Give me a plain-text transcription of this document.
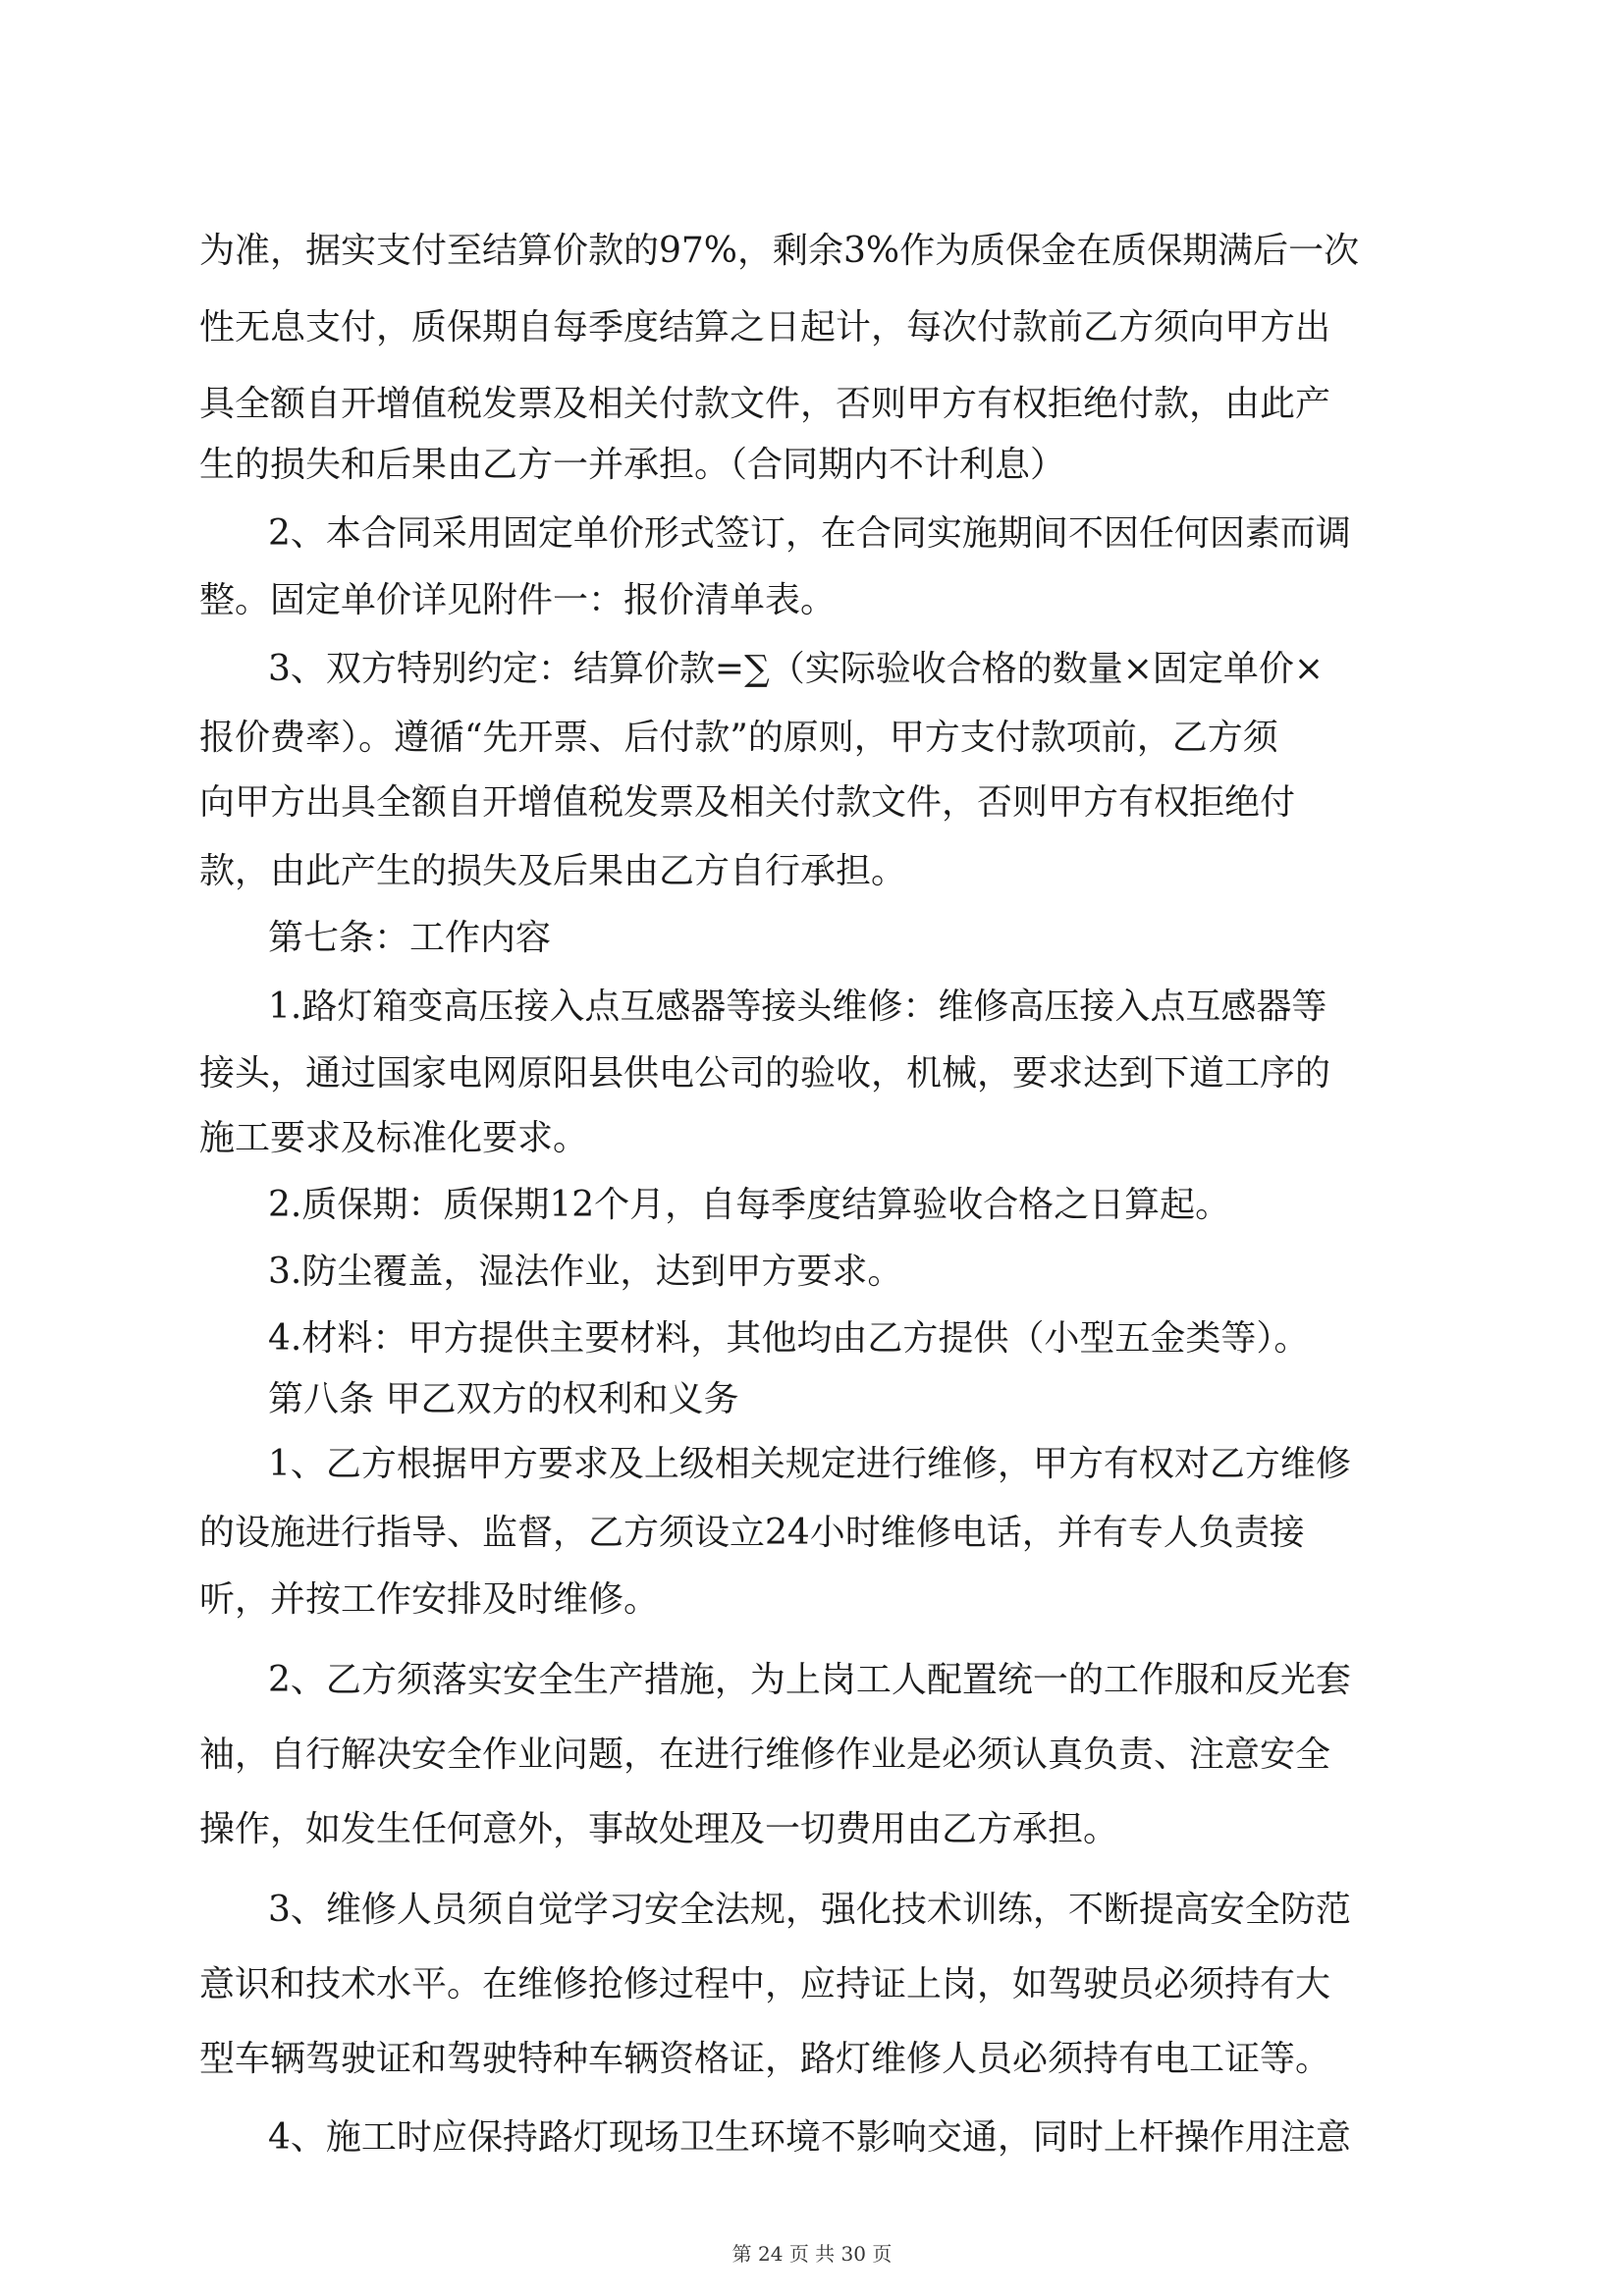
为准，据实支付至结算价款的97%，剩余3%作为质保金在质保期满后一次
性无息支付，质保期自每季度结算之日起计，每次付款前乙方须向甲方出
具全额自开增值税发票及相关付款文件，否则甲方有权拒绝付款，由此产
生的损失和后果由乙方一并承担。（合同期内不计利息）
2、本合同采用固定单价形式签订，在合同实施期间不因任何因素而调
整。固定单价详见附件一：报价清单表。
3、双方特别约定：结算价款=∑（实际验收合格的数量×固定单价×
报价费率）。遵循“先开票、后付款”的原则，甲方支付款项前，乙方须
向甲方出具全额自开增值税发票及相关付款文件，否则甲方有权拒绝付
款，由此产生的损失及后果由乙方自行承担。
第七条：工作内容
1.路灯箱变高压接入点互感器等接头维修：维修高压接入点互感器等
接头，通过国家电网原阳县供电公司的验收，机械，要求达到下道工序的
施工要求及标准化要求。
2.质保期：质保期12个月，自每季度结算验收合格之日算起。
3.防尘覆盖，湿法作业，达到甲方要求。
4.材料：甲方提供主要材料，其他均由乙方提供（小型五金类等）。
第八条 甲乙双方的权利和义务
1、乙方根据甲方要求及上级相关规定进行维修，甲方有权对乙方维修
的设施进行指导、监督，乙方须设立24小时维修电话，并有专人负责接
听，并按工作安排及时维修。
2、乙方须落实安全生产措施，为上岗工人配置统一的工作服和反光套
袖，自行解决安全作业问题，在进行维修作业是必须认真负责、注意安全
操作，如发生任何意外，事故处理及一切费用由乙方承担。
3、维修人员须自觉学习安全法规，强化技术训练，不断提高安全防范
意识和技术水平。在维修抢修过程中，应持证上岗，如驾驶员必须持有大
型车辆驾驶证和驾驶特种车辆资格证，路灯维修人员必须持有电工证等。
4、施工时应保持路灯现场卫生环境不影响交通，同时上杆操作用注意
第 24 页 共 30 页
